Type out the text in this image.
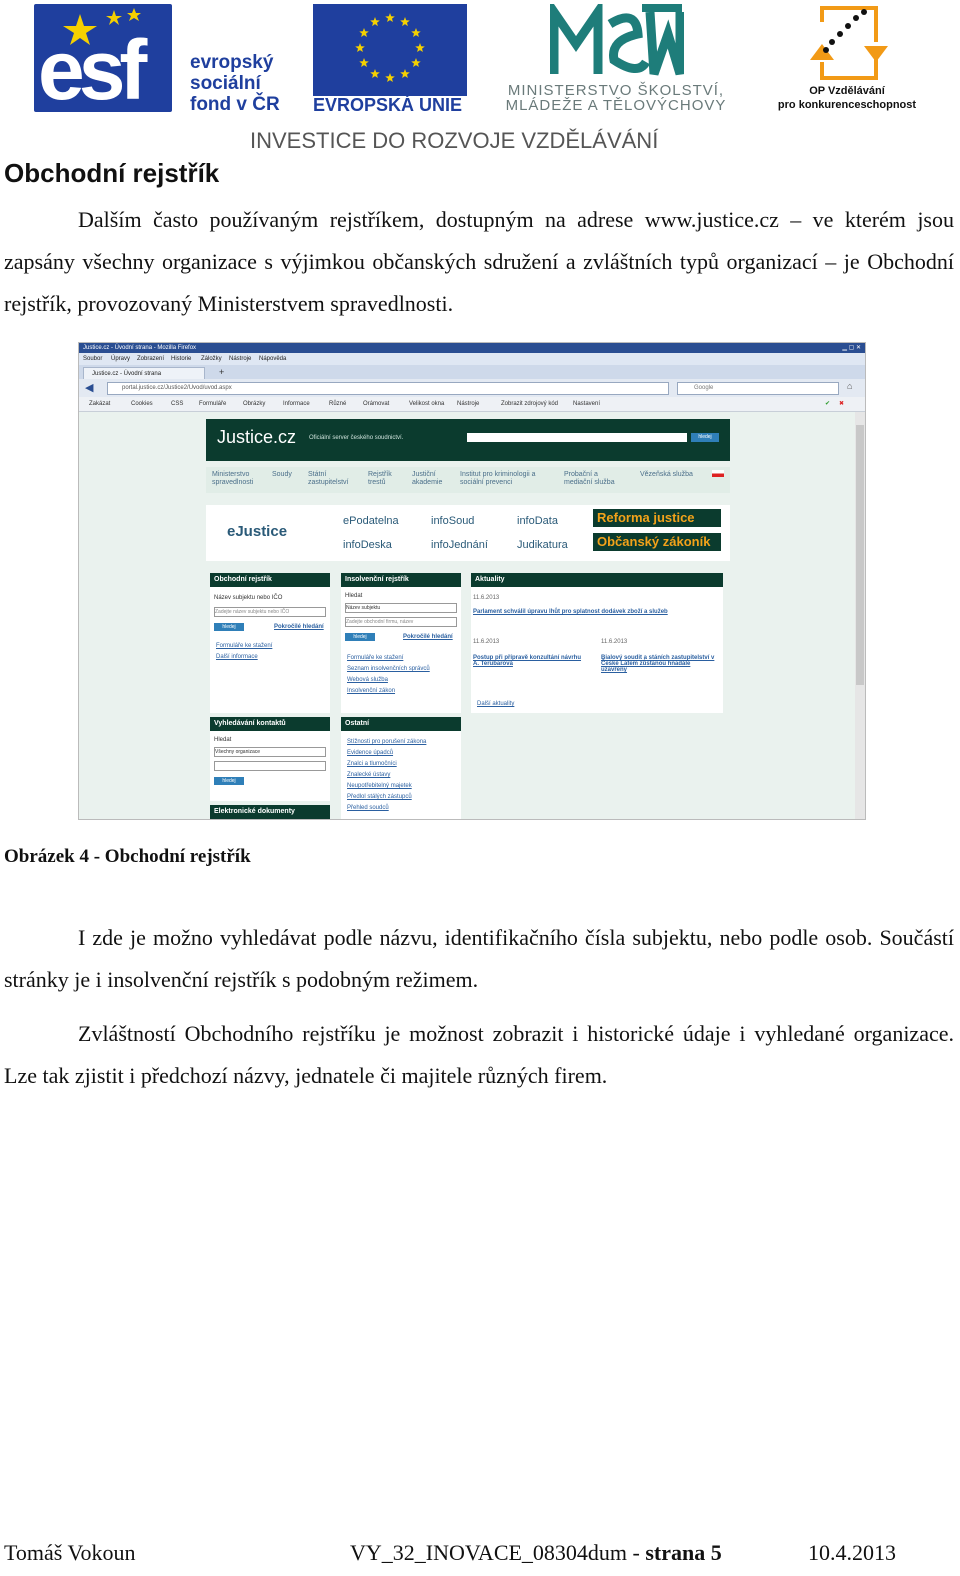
esf	evropský
sociální
fond v ČR EVROPSKÁ UNIE
MINISTERSTVO ŠKOLSTVÍ,
MLÁDEŽE A TĚLOVÝCHOVY
OP Vzdělávání
pro konkurenceschopnost
INVESTICE DO ROZVOJE VZDĚLÁVÁNÍ
Obchodní rejstřík

Dalším často používaným rejstříkem, dostupným na adrese www.justice.cz – ve kterém jsou zapsány všechny organizace s výjimkou občanských sdružení a zvláštních typů organizací – je Obchodní rejstřík, provozovaný Ministerstvem spravedlnosti.

Justice.cz - Úvodní strana - Mozilla Firefox	▁ ▢ ✕
Soubor Úpravy Zobrazení Historie Záložky Nástroje Nápověda
Justice.cz - Úvodní strana	+
◀	portal.justice.cz/Justice2/Uvod/uvod.aspx	Google	⌂
Zakázat	Cookies	CSS	Formuláře	Obrázky	Informace	Různé	Orámovat	Velikost okna Nástroje	Zobrazit zdrojový kód Nastavení	✔ ✖
Justice.cz Oficiální server českého soudnictví.	hledej
Ministerstvo spravedlnosti
Soudy Státní zastupitelství
Rejstřík trestů
Justiční akademie
Institut pro kriminologii a sociální prevenci
Probační a mediační služba
Vězeňská služba
eJustice
ePodatelna	infoSoud	infoData
infoDeska	infoJednání	Judikatura
Reforma justice
Občanský zákoník
Obchodní rejstřík
Název subjektu nebo IČO
Zadejte název subjektu nebo IČO
hledej	Pokročilé hledání
Formuláře ke stažení
Další informace
Insolvenční rejstřík
Hledat
Název subjektu
Zadejte obchodní firmu, název
hledej	Pokročilé hledání
Formuláře ke stažení
Seznam insolvenčních správců
Webová služba
Insolvenční zákon
Aktuality
11.6.2013
Parlament schválil úpravu lhůt pro splatnost dodávek zboží a služeb
11.6.2013
Postup při přípravě konzultání návrhu A. Terubarová
11.6.2013
Bialový soudit a stáních zastupitelství v České Latem zůstanou hnadále uzavřeny
Další aktuality
Vyhledávání kontaktů
Hledat
Všechny organizace
hledej
Ostatní
Stížnosti pro porušení zákona
Evidence úpadců
Znalci a tlumočníci
Znalecké ústavy
Neupotřebitelný majetek
Předlol stálých zástupců
Přehled soudců
Elektronické dokumenty
Obrázek 4 - Obchodní rejstřík

I zde je možno vyhledávat podle názvu, identifikačního čísla subjektu, nebo podle osob. Součástí stránky je i insolvenční rejstřík s podobným režimem.

Zvláštností Obchodního rejstříku je možnost zobrazit i historické údaje i vyhledané organizace. Lze tak zjistit i předchozí názvy, jednatele či majitele různých firem.

Tomáš Vokoun	VY_32_INOVACE_08304dum - strana 5	10.4.2013
